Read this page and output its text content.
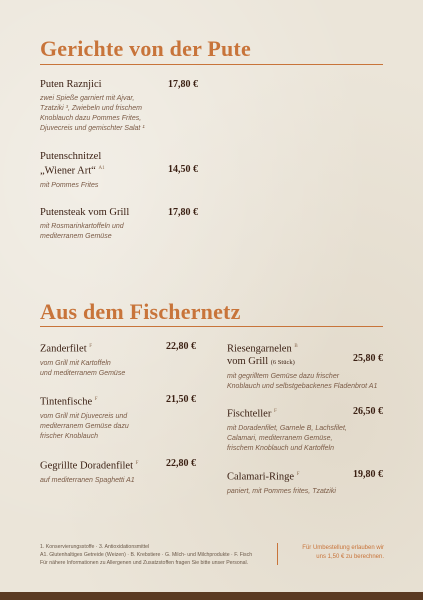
Gerichte von der Pute
Puten Raznjici
zwei Spieße garniert mit Ajvar,
Tzatziki ³, Zwiebeln und frischem
Knoblauch dazu Pommes Frites,
Djuvecreis und gemischter Salat ¹
17,80 €
Putenschnitzel
„Wiener Art“ $^{A1}$
mit Pommes Frites
14,50 €
Putensteak vom Grill
mit Rosmarinkartoffeln und
mediterranem Gemüse
17,80 €
Aus dem Fischernetz
Zanderfilet $^F$
vom Grill mit Kartoffeln
und mediterranem Gemüse
22,80 €
Tintenfische $^F$
vom Grill mit Djuvecreis und
mediterranem Gemüse dazu
frischer Knoblauch
21,50 €
Gegrillte Doradenfilet $^F$
auf mediterranen Spaghetti A1
22,80 €
Riesengarnelen $^B$
vom Grill (6 Stück)
mit gegrilltem Gemüse dazu frischer
Knoblauch und selbstgebackenes Fladenbrot A1
25,80 €
Fischteller $^F$
mit Doradenfilet, Garnele B, Lachsfilet,
Calamari, mediterranem Gemüse,
frischem Knoblauch und Kartoffeln
26,50 €
Calamari-Ringe $^F$
paniert, mit Pommes frites, Tzatziki
19,80 €
1. Konservierungsstoffe · 3. Antioxidationsmittel
A1. Glutenhaltiges Getreide (Weizen) · B. Krebstiere · G. Milch- und Milchprodukte · F. Fisch
Für nähere Informationen zu Allergenen und Zusatzstoffen fragen Sie bitte unser Personal.
Für Umbestellung erlauben wir
uns 1,50 € zu berechnen.
